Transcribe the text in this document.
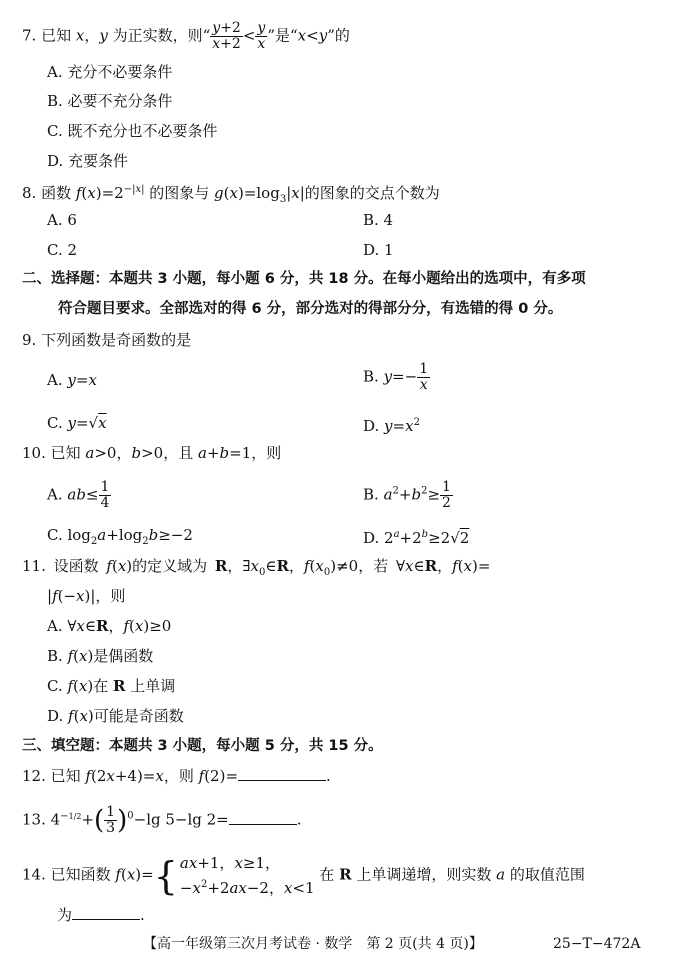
7. 已知 x，y 为正实数，则“ $\frac{y+2}{x+2} < \frac{y}{x}$ ”是“x<y”的
A. 充分不必要条件
B. 必要不充分条件
C. 既不充分也不必要条件
D. 充要条件
8. 函数 $f(x)=2^{-|x|}$ 的图象与 $g(x)=\log_3|x|$的图象的交点个数为
A. 6	B. 4
C. 2	D. 1
二、选择题：本题共 3 小题，每小题 6 分，共 18 分。在每小题给出的选项中，有多项
符合题目要求。全部选对的得 6 分，部分选对的得部分分，有选错的得 0 分。
9. 下列函数是奇函数的是
A. y=x	B. $y=- \frac{1}{x}$
C. y=√x	D. $y=x^2$
10. 已知 a>0，b>0，且 a+b=1，则
A. $ab\le \frac{1}{4}$	B. $a^2+b^2\ge \frac{1}{2}$
C. $\log_2a+\log_2b\ge-2$	D. $2^a+2^b\ge 2√2$
11. 设函数 f(x)的定义域为 R，$\exists x_0\in R$，$f(x_0)\ne 0$，若 ∀x∈R，f(x)=
|f(−x)|，则
A. ∀x∈R，f(x)≥0
B. f(x)是偶函数
C. f(x)在 R 上单调
D. f(x)可能是奇函数
三、填空题：本题共 3 小题，每小题 5 分，共 15 分。
12. 已知 f(2x+4)=x，则 f(2)=	.
13. $4^{-1/2}+( \frac{1}{3} )^0-\lg$ 5−lg 2=	.
14. 已知函数 f(x)={ ax+1，x≥1，
$-x^2+2ax-2$，x<1
在 R 上单调递增，则实数 a 的取值范围
为	.
【高一年级第三次月考试卷 · 数学　第 2 页(共 4 页)】	25−T−472A
